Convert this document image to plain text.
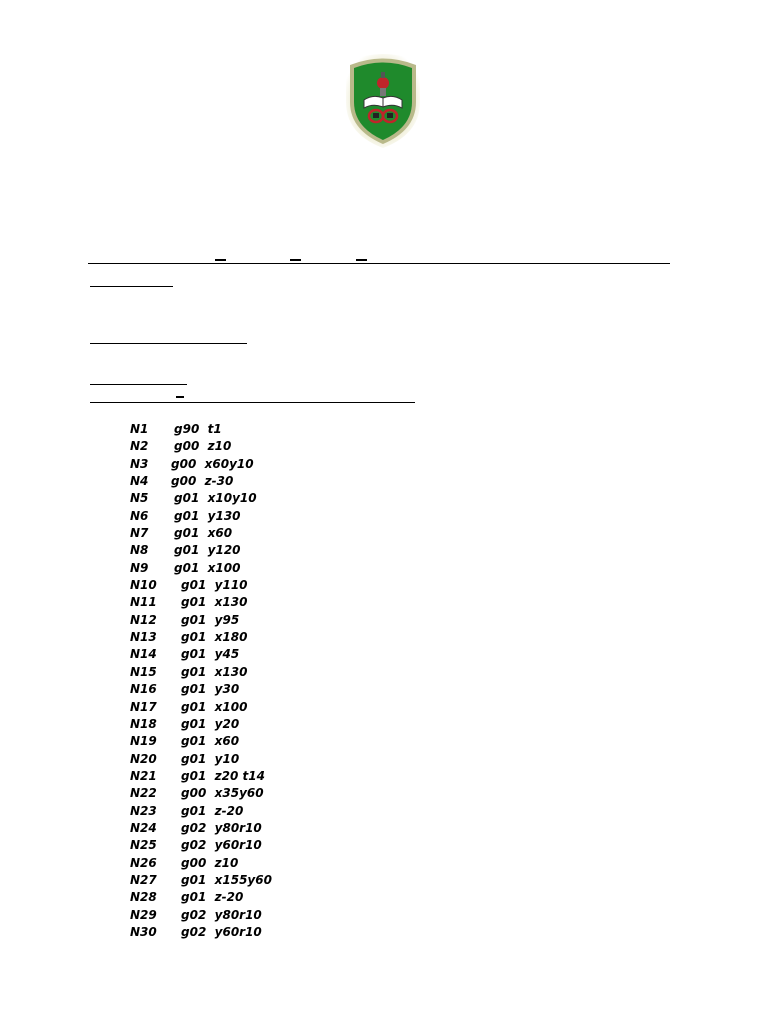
N1 g90  t1
N2 g00  z10
N3 g00  x60y10
N4 g00  z-30
N5 g01  x10y10
N6 g01  y130
N7 g01  x60
N8 g01  y120
N9 g01  x100
N10 g01  y110
N11 g01  x130
N12 g01  y95
N13 g01  x180
N14 g01  y45
N15 g01  x130
N16 g01  y30
N17 g01  x100
N18 g01  y20
N19 g01  x60
N20 g01  y10
N21 g01  z20 t14
N22 g00  x35y60
N23 g01  z-20
N24 g02  y80r10
N25 g02  y60r10
N26 g00  z10
N27 g01  x155y60
N28 g01  z-20
N29 g02  y80r10
N30 g02  y60r10
